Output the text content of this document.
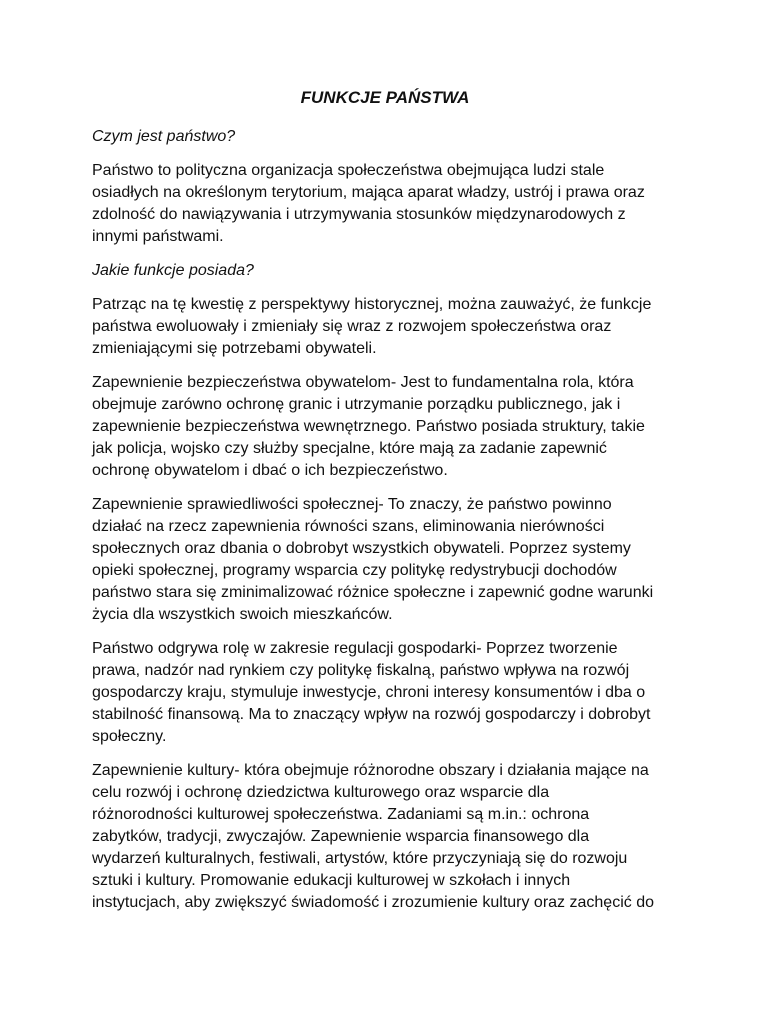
FUNKCJE PAŃSTWA
Czym jest państwo?
Państwo to polityczna organizacja społeczeństwa obejmująca ludzi stale
osiadłych na określonym terytorium, mająca aparat władzy, ustrój i prawa oraz
zdolność do nawiązywania i utrzymywania stosunków międzynarodowych z
innymi państwami.
Jakie funkcje posiada?
Patrząc na tę kwestię z perspektywy historycznej, można zauważyć, że funkcje
państwa ewoluowały i zmieniały się wraz z rozwojem społeczeństwa oraz
zmieniającymi się potrzebami obywateli.
Zapewnienie bezpieczeństwa obywatelom- Jest to fundamentalna rola, która
obejmuje zarówno ochronę granic i utrzymanie porządku publicznego, jak i
zapewnienie bezpieczeństwa wewnętrznego. Państwo posiada struktury, takie
jak policja, wojsko czy służby specjalne, które mają za zadanie zapewnić
ochronę obywatelom i dbać o ich bezpieczeństwo.
Zapewnienie sprawiedliwości społecznej- To znaczy, że państwo powinno
działać na rzecz zapewnienia równości szans, eliminowania nierówności
społecznych oraz dbania o dobrobyt wszystkich obywateli. Poprzez systemy
opieki społecznej, programy wsparcia czy politykę redystrybucji dochodów
państwo stara się zminimalizować różnice społeczne i zapewnić godne warunki
życia dla wszystkich swoich mieszkańców.
Państwo odgrywa rolę w zakresie regulacji gospodarki- Poprzez tworzenie
prawa, nadzór nad rynkiem czy politykę fiskalną, państwo wpływa na rozwój
gospodarczy kraju, stymuluje inwestycje, chroni interesy konsumentów i dba o
stabilność finansową. Ma to znaczący wpływ na rozwój gospodarczy i dobrobyt
społeczny.
Zapewnienie kultury- która obejmuje różnorodne obszary i działania mające na
celu rozwój i ochronę dziedzictwa kulturowego oraz wsparcie dla
różnorodności kulturowej społeczeństwa. Zadaniami są m.in.: ochrona
zabytków, tradycji, zwyczajów. Zapewnienie wsparcia finansowego dla
wydarzeń kulturalnych, festiwali, artystów, które przyczyniają się do rozwoju
sztuki i kultury. Promowanie edukacji kulturowej w szkołach i innych
instytucjach, aby zwiększyć świadomość i zrozumienie kultury oraz zachęcić do
